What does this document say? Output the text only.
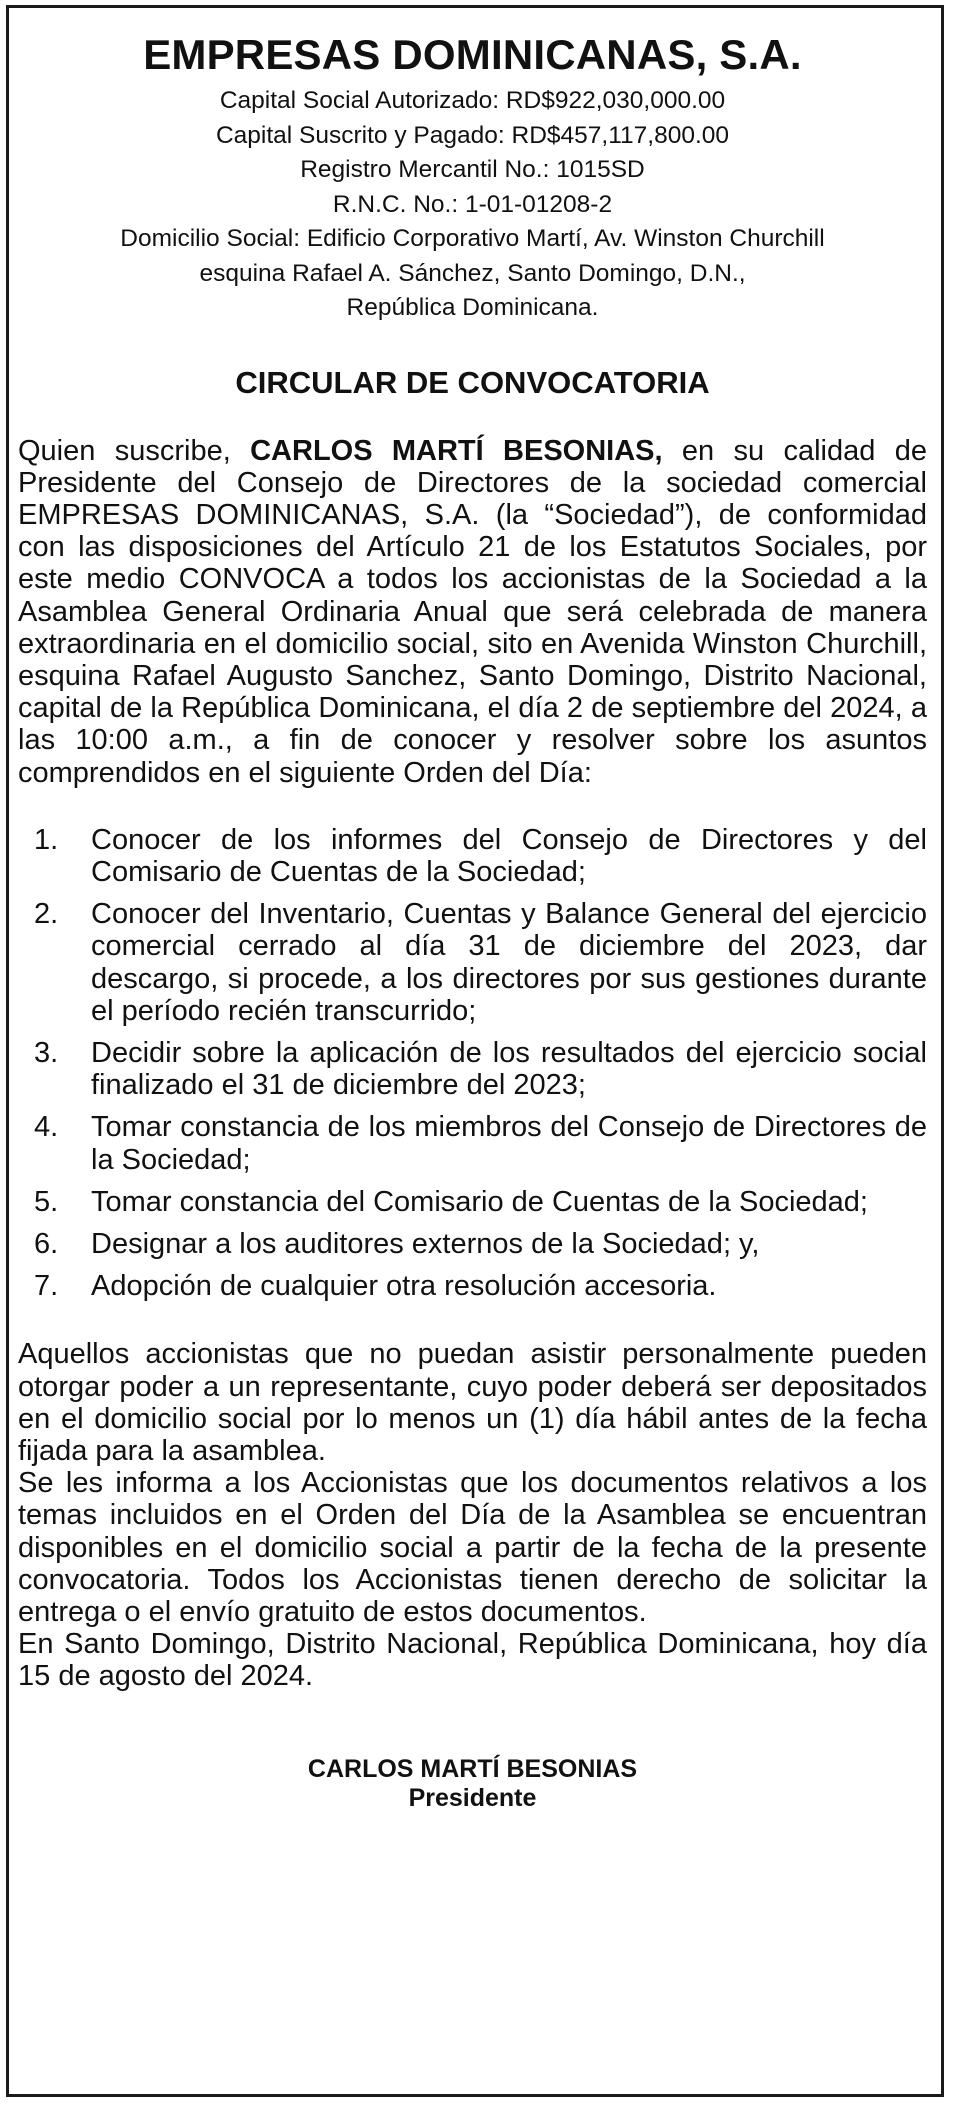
EMPRESAS DOMINICANAS, S.A.

Capital Social Autorizado: RD$922,030,000.00

Capital Suscrito y Pagado: RD$457,117,800.00

Registro Mercantil No.: 1015SD

R.N.C. No.: 1-01-01208-2

Domicilio Social: Edificio Corporativo Martí, Av. Winston Churchill

esquina Rafael A. Sánchez, Santo Domingo, D.N.,

República Dominicana.

CIRCULAR DE CONVOCATORIA

Quien suscribe, CARLOS MARTÍ BESONIAS, en su calidad de Presidente del Consejo de Directores de la sociedad comercial EMPRESAS DOMINICANAS, S.A. (la “Sociedad”), de conformidad con las disposiciones del Artículo 21 de los Estatutos Sociales, por este medio CONVOCA a todos los accionistas de la Sociedad a la Asamblea General Ordinaria Anual que será celebrada de manera extraordinaria en el domicilio social, sito en Avenida Winston Churchill, esquina Rafael Augusto Sanchez, Santo Domingo, Distrito Nacional, capital de la República Dominicana, el día 2 de septiembre del 2024, a las 10:00 a.m., a fin de conocer y resolver sobre los asuntos comprendidos en el siguiente Orden del Día:

1. Conocer de los informes del Consejo de Directores y del Comisario de Cuentas de la Sociedad;
2. Conocer del Inventario, Cuentas y Balance General del ejercicio comercial cerrado al día 31 de diciembre del 2023, dar descargo, si procede, a los directores por sus gestiones durante el período recién transcurrido;
3. Decidir sobre la aplicación de los resultados del ejercicio social finalizado el 31 de diciembre del 2023;
4. Tomar constancia de los miembros del Consejo de Directores de la Sociedad;
5. Tomar constancia del Comisario de Cuentas de la Sociedad;
6. Designar a los auditores externos de la Sociedad; y,
7. Adopción de cualquier otra resolución accesoria.

Aquellos accionistas que no puedan asistir personalmente pueden otorgar poder a un representante, cuyo poder deberá ser depositados en el domicilio social por lo menos un (1) día hábil antes de la fecha fijada para la asamblea.

Se les informa a los Accionistas que los documentos relativos a los temas incluidos en el Orden del Día de la Asamblea se encuentran disponibles en el domicilio social a partir de la fecha de la presente convocatoria. Todos los Accionistas tienen derecho de solicitar la entrega o el envío gratuito de estos documentos.

En Santo Domingo, Distrito Nacional, República Dominicana, hoy día 15 de agosto del 2024.

CARLOS MARTÍ BESONIAS

Presidente
